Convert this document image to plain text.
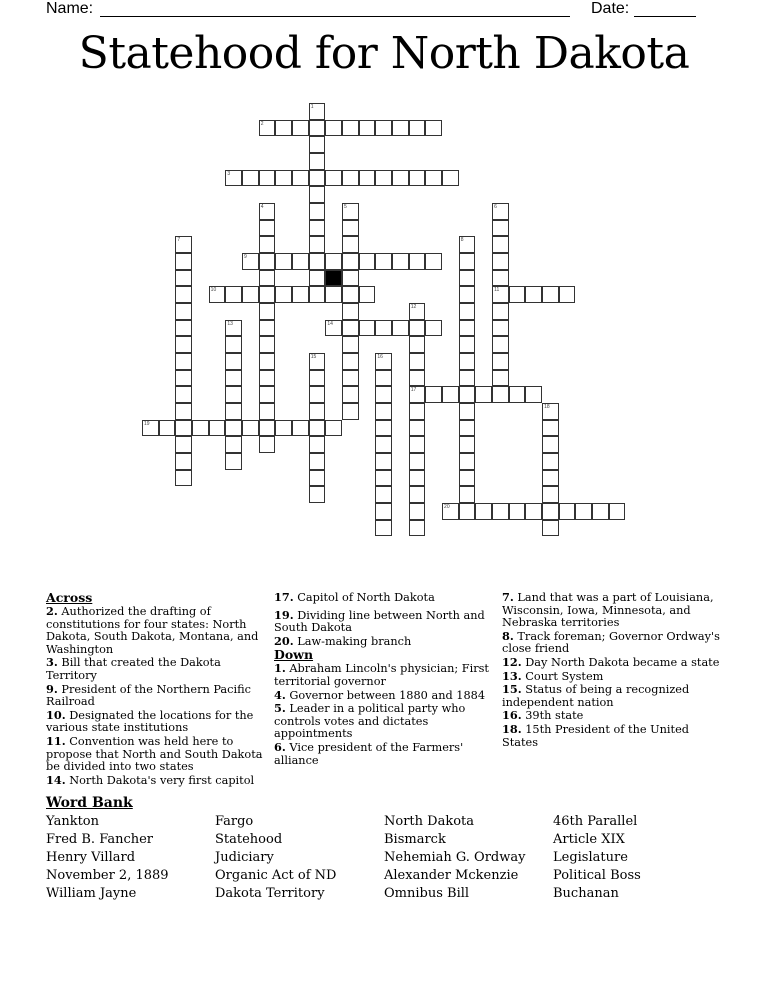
Name:	Date:
Statehood for North Dakota
1
2
3
4	5	6
11
7	8
9
10
12
17
13	14
15	16
18
19
20
Across
2. Authorized the drafting of constitutions for four states: North Dakota, South Dakota, Montana, and Washington
3. Bill that created the Dakota Territory
9. President of the Northern Pacific Railroad
10. Designated the locations for the various state institutions
11. Convention was held here to propose that North and South Dakota be divided into two states
14. North Dakota's very first capitol
17. Capitol of North Dakota
19. Dividing line between North and South Dakota
20. Law-making branch
Down
1. Abraham Lincoln's physician; First territorial governor
4. Governor between 1880 and 1884
5. Leader in a political party who controls votes and dictates appointments
6. Vice president of the Farmers' alliance
7. Land that was a part of Louisiana, Wisconsin, Iowa, Minnesota, and Nebraska territories
8. Track foreman; Governor Ordway's close friend
12. Day North Dakota became a state
13. Court System
15. Status of being a recognized independent nation
16. 39th state
18. 15th President of the United States
Word Bank
Yankton	Fargo	North Dakota	46th Parallel
Fred B. Fancher	Statehood	Bismarck	Article XIX
Henry Villard	Judiciary	Nehemiah G. Ordway	Legislature
November 2, 1889	Organic Act of ND	Alexander Mckenzie	Political Boss
William Jayne	Dakota Territory	Omnibus Bill	Buchanan
